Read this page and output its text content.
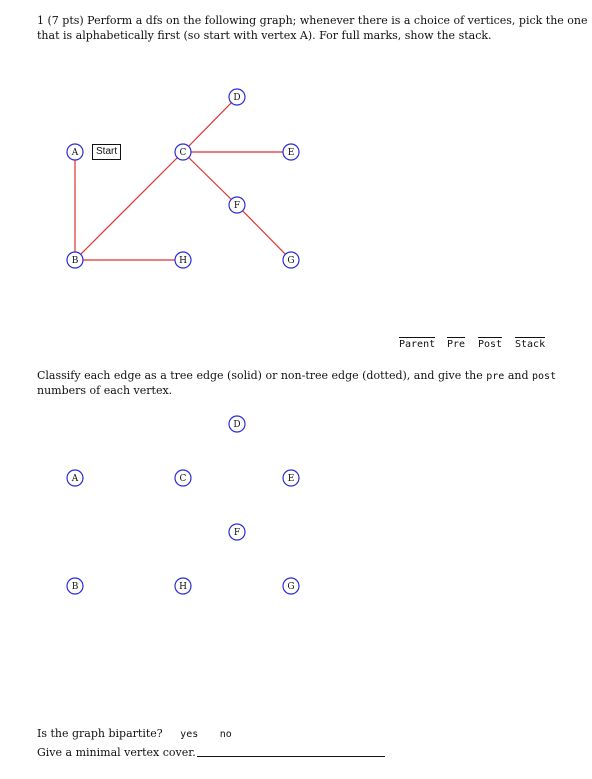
1 (7 pts) Perform a dfs on the following graph; whenever there is a choice of vertices, pick the one
that is alphabetically first (so start with vertex A). For full marks, show the stack.
D
A	C	E
F
B	H	G
D
A	C	E
F
B	H	G
Start
Parent Pre Post Stack
Classify each edge as a tree edge (solid) or non-tree edge (dotted), and give the pre and post
numbers of each vertex.
Is the graph bipartite? yes no
Give a minimal vertex cover.
